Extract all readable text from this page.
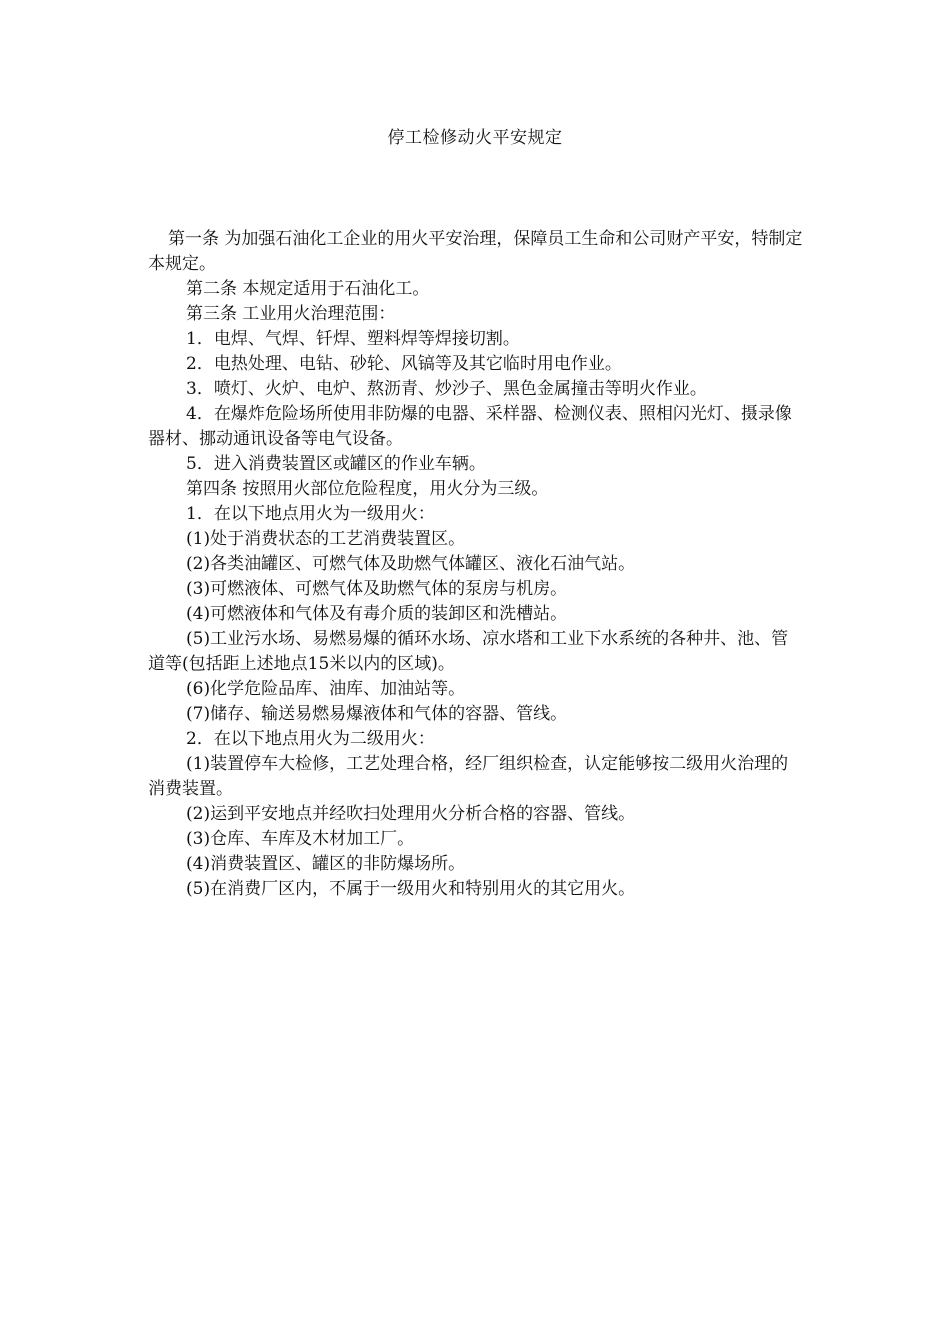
停工检修动火平安规定

第一条 为加强石油化工企业的用火平安治理，保障员工生命和公司财产平安，特制定本规定。

第二条 本规定适用于石油化工。

第三条 工业用火治理范围：

1．电焊、气焊、钎焊、塑料焊等焊接切割。

2．电热处理、电钻、砂轮、风镐等及其它临时用电作业。

3．喷灯、火炉、电炉、熬沥青、炒沙子、黑色金属撞击等明火作业。

4．在爆炸危险场所使用非防爆的电器、采样器、检测仪表、照相闪光灯、摄录像器材、挪动通讯设备等电气设备。

5．进入消费装置区或罐区的作业车辆。

第四条 按照用火部位危险程度，用火分为三级。

1．在以下地点用火为一级用火：

(1)处于消费状态的工艺消费装置区。

(2)各类油罐区、可燃气体及助燃气体罐区、液化石油气站。

(3)可燃液体、可燃气体及助燃气体的泵房与机房。

(4)可燃液体和气体及有毒介质的装卸区和洗槽站。

(5)工业污水场、易燃易爆的循环水场、凉水塔和工业下水系统的各种井、池、管道等(包括距上述地点15米以内的区域)。

(6)化学危险品库、油库、加油站等。

(7)储存、输送易燃易爆液体和气体的容器、管线。

2．在以下地点用火为二级用火：

(1)装置停车大检修，工艺处理合格，经厂组织检查，认定能够按二级用火治理的消费装置。

(2)运到平安地点并经吹扫处理用火分析合格的容器、管线。

(3)仓库、车库及木材加工厂。

(4)消费装置区、罐区的非防爆场所。

(5)在消费厂区内，不属于一级用火和特别用火的其它用火。
